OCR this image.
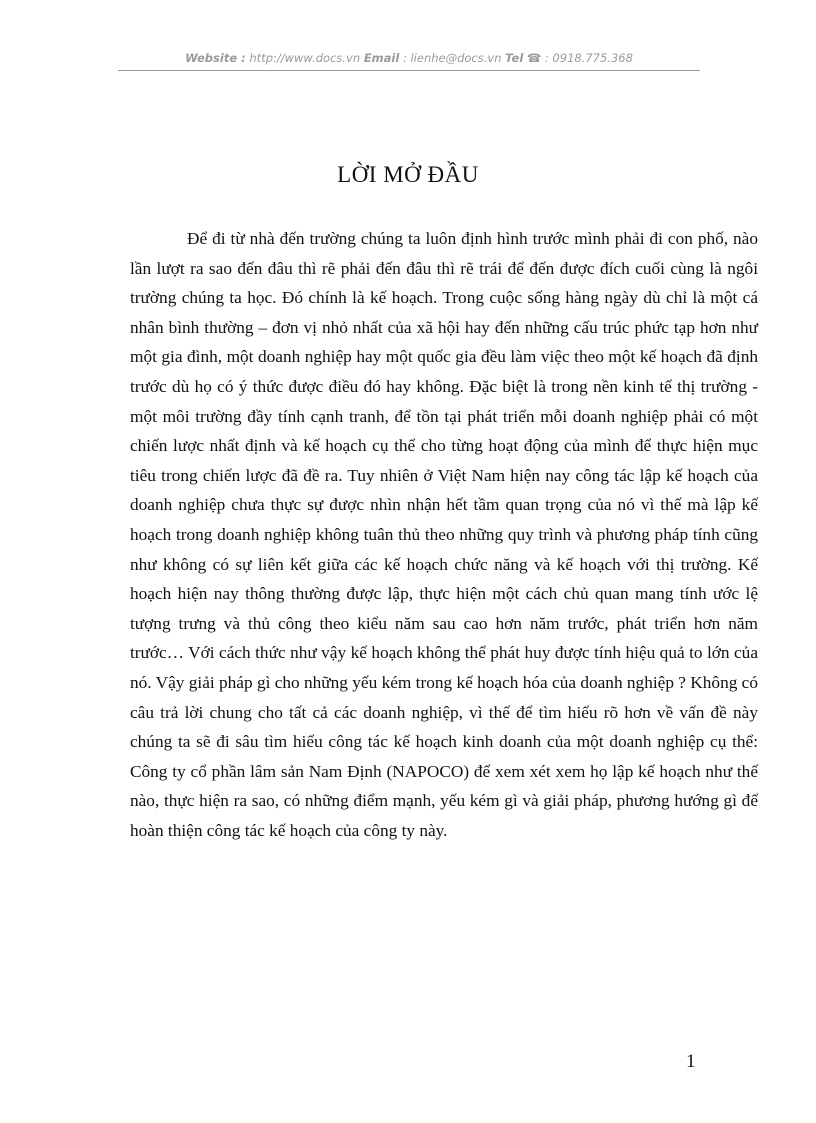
Website : http://www.docs.vn Email : lienhe@docs.vn Tel ☎ : 0918.775.368
LỜI MỞ ĐẦU

Để đi từ nhà đến trường chúng ta luôn định hình trước mình phải đi con phố, nào lần lượt ra sao đến đâu thì rẽ phải đến đâu thì rẽ trái để đến được đích cuối cùng là ngôi trường chúng ta học. Đó chính là kế hoạch. Trong cuộc sống hàng ngày dù chỉ là một cá nhân bình thường – đơn vị nhỏ nhất của xã hội hay đến những cấu trúc phức tạp hơn như một gia đình, một doanh nghiệp hay một quốc gia đều làm việc theo một kế hoạch đã định trước dù họ có ý thức được điều đó hay không. Đặc biệt là trong nền kinh tế thị trường - một môi trường đầy tính cạnh tranh, để tồn tại phát triển mỗi doanh nghiệp phải có một chiến lược nhất định và kế hoạch cụ thể cho từng hoạt động của mình để thực hiện mục tiêu trong chiến lược đã đề ra. Tuy nhiên ở Việt Nam hiện nay công tác lập kế hoạch của doanh nghiệp chưa thực sự được nhìn nhận hết tầm quan trọng của nó vì thế mà lập kế hoạch trong doanh nghiệp không tuân thủ theo những quy trình và phương pháp tính cũng như không có sự liên kết giữa các kế hoạch chức năng và kế hoạch với thị trường. Kế hoạch hiện nay thông thường được lập, thực hiện một cách chủ quan mang tính ước lệ tượng trưng và thủ công theo kiểu năm sau cao hơn năm trước, phát triển hơn năm trước… Với cách thức như vậy kế hoạch không thể phát huy được tính hiệu quả to lớn của nó. Vậy giải pháp gì cho những yếu kém trong kế hoạch hóa của doanh nghiệp ? Không có câu trả lời chung cho tất cả các doanh nghiệp, vì thế để tìm hiểu rõ hơn về vấn đề này chúng ta sẽ đi sâu tìm hiểu công tác kế hoạch kinh doanh của một doanh nghiệp cụ thể: Công ty cổ phần lâm sản Nam Định (NAPOCO) để xem xét xem họ lập kế hoạch như thế nào, thực hiện ra sao, có những điểm mạnh, yếu kém gì và giải pháp, phương hướng gì để hoàn thiện công tác kế hoạch của công ty này.

1
